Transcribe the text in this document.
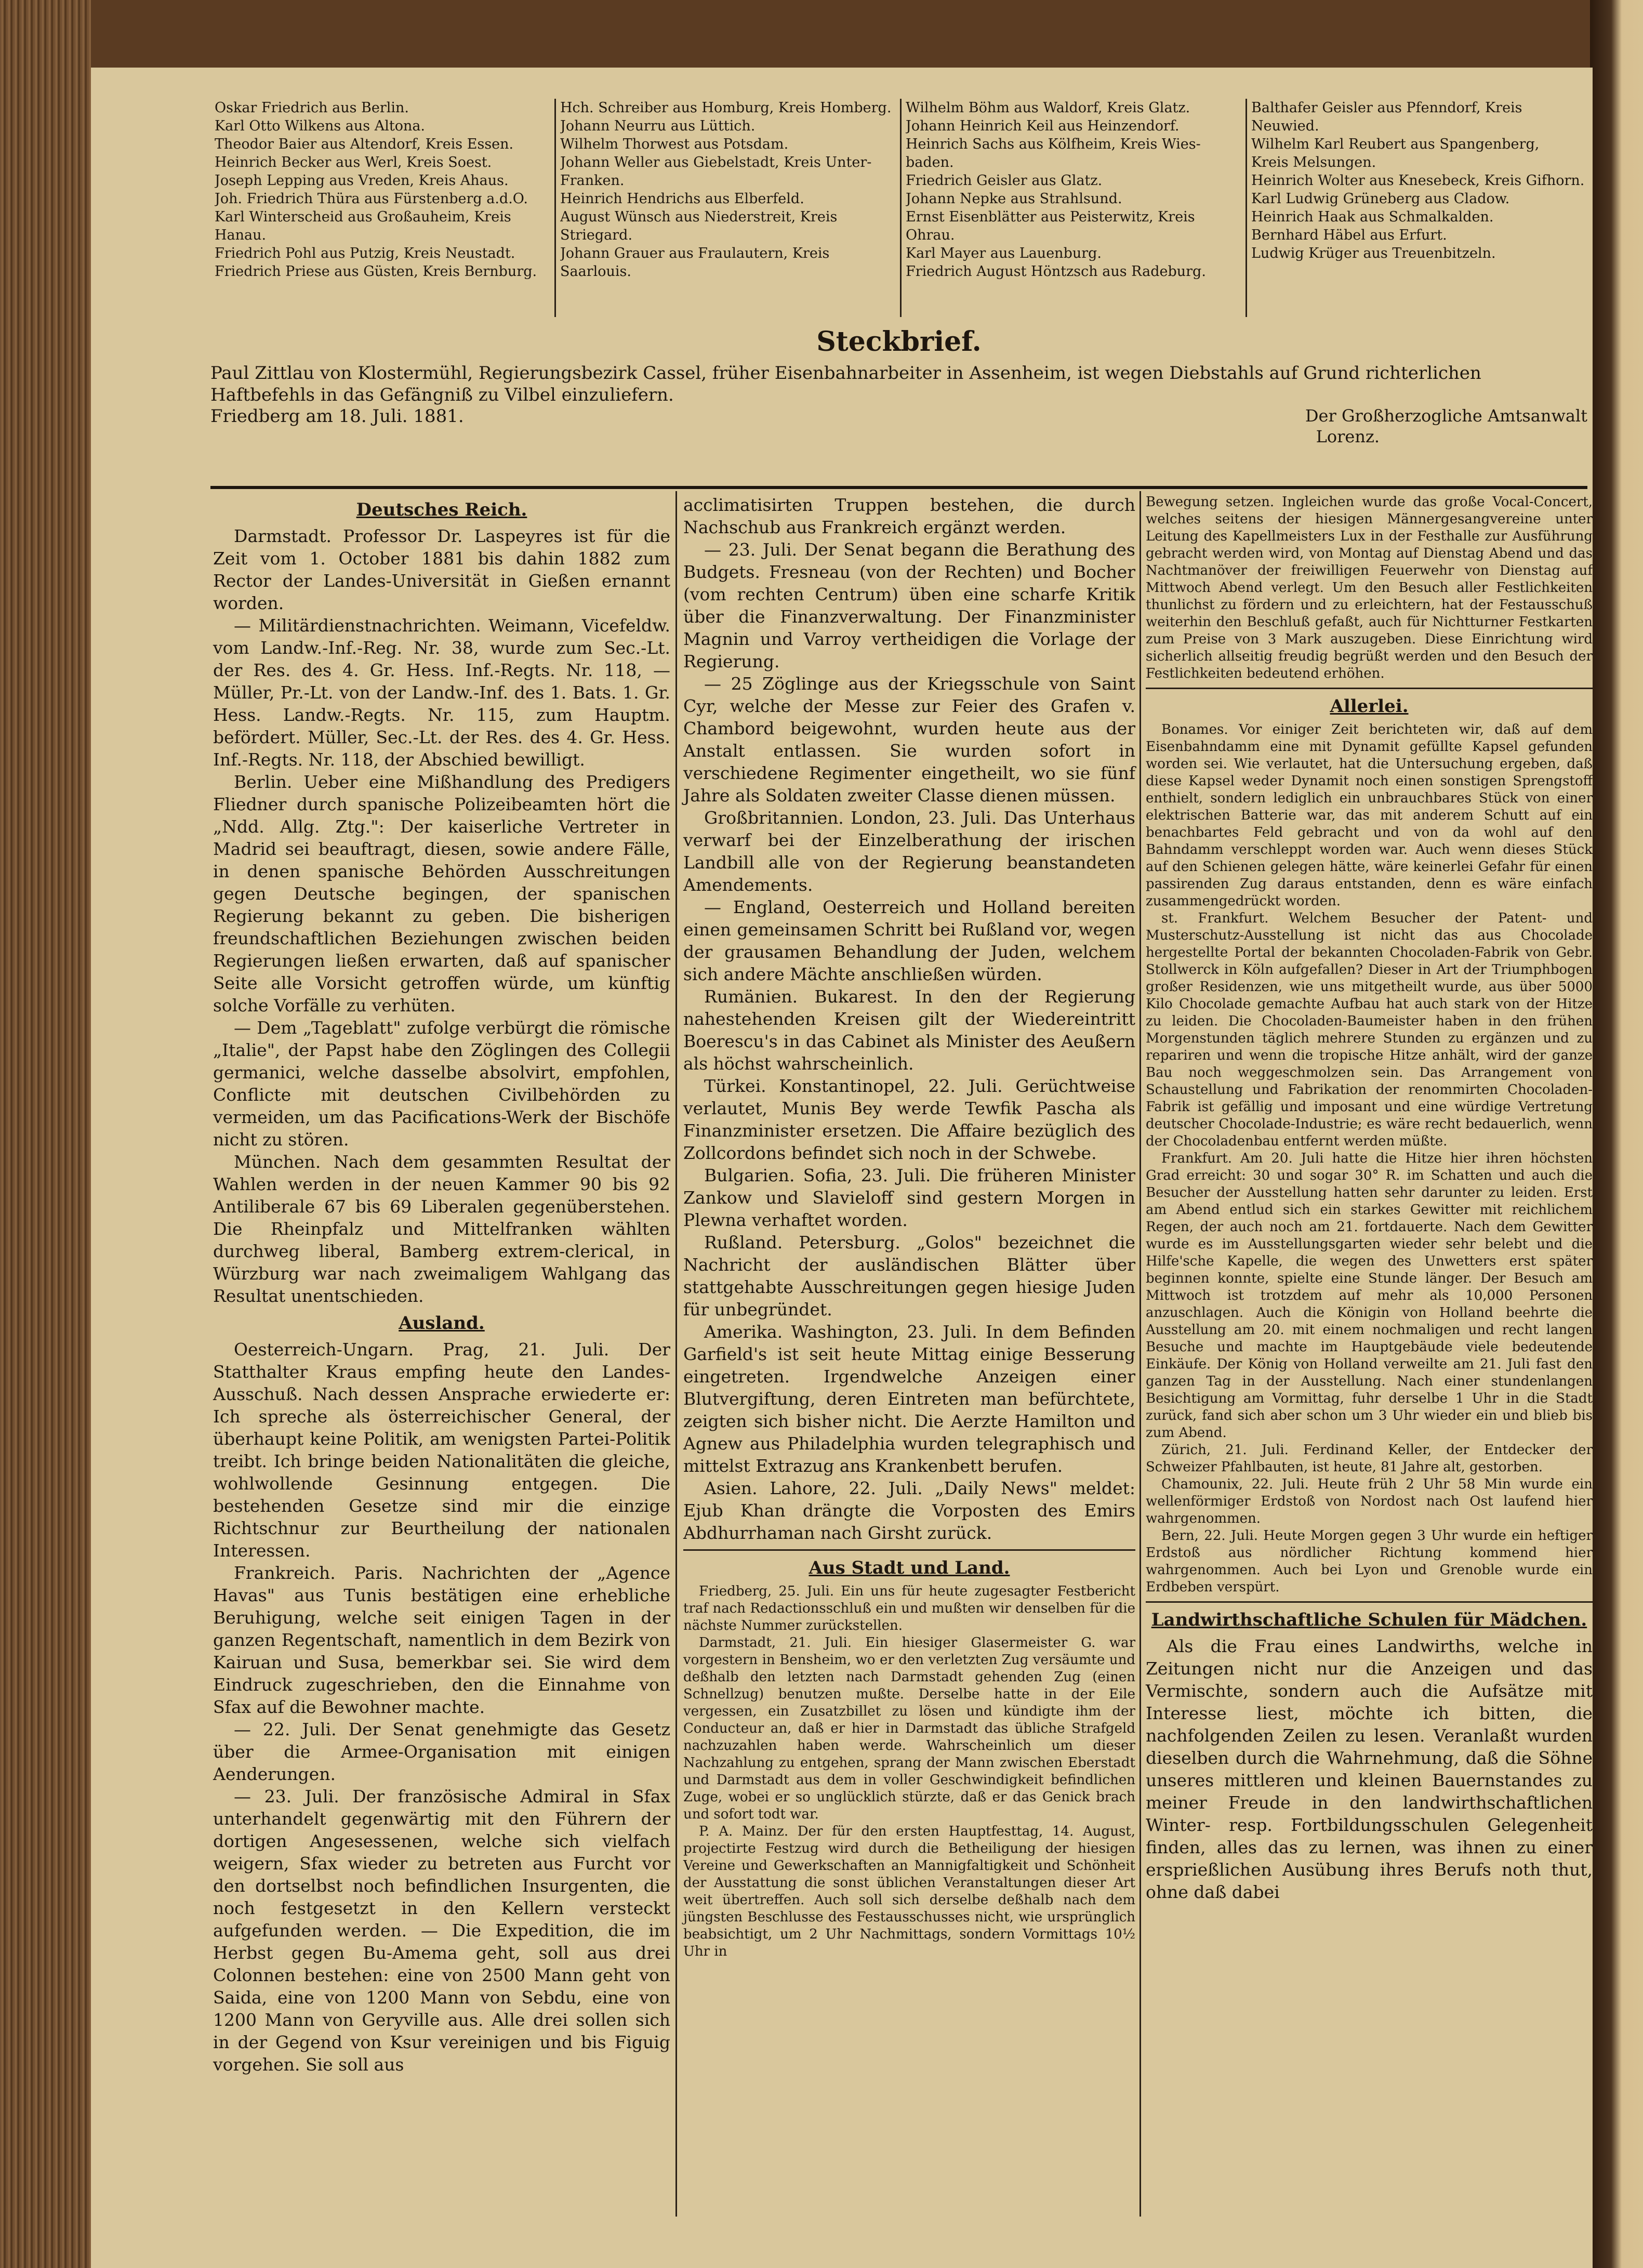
Oskar Friedrich aus Berlin.
Karl Otto Wilkens aus Altona.
Theodor Baier aus Altendorf, Kreis Essen.
Heinrich Becker aus Werl, Kreis Soest.
Joseph Lepping aus Vreden, Kreis Ahaus.
Joh. Friedrich Thüra aus Fürstenberg a.d.O.
Karl Winterscheid aus Großauheim, Kreis
Hanau.
Friedrich Pohl aus Putzig, Kreis Neustadt.
Friedrich Priese aus Güsten, Kreis Bernburg.
Hch. Schreiber aus Homburg, Kreis Homberg.
Johann Neurru aus Lüttich.
Wilhelm Thorwest aus Potsdam.
Johann Weller aus Giebelstadt, Kreis Unter-
Franken.
Heinrich Hendrichs aus Elberfeld.
August Wünsch aus Niederstreit, Kreis
Striegard.
Johann Grauer aus Fraulautern, Kreis
Saarlouis.
Wilhelm Böhm aus Waldorf, Kreis Glatz.
Johann Heinrich Keil aus Heinzendorf.
Heinrich Sachs aus Kölfheim, Kreis Wies-
baden.
Friedrich Geisler aus Glatz.
Johann Nepke aus Strahlsund.
Ernst Eisenblätter aus Peisterwitz, Kreis
Ohrau.
Karl Mayer aus Lauenburg.
Friedrich August Höntzsch aus Radeburg.
Balthafer Geisler aus Pfenndorf, Kreis
Neuwied.
Wilhelm Karl Reubert aus Spangenberg,
Kreis Melsungen.
Heinrich Wolter aus Knesebeck, Kreis Gifhorn.
Karl Ludwig Grüneberg aus Cladow.
Heinrich Haak aus Schmalkalden.
Bernhard Häbel aus Erfurt.
Ludwig Krüger aus Treuenbitzeln.
Steckbrief.

Paul Zittlau von Klostermühl, Regierungsbezirk Cassel, früher Eisenbahnarbeiter in Assenheim, ist wegen Diebstahls auf Grund richterlichen Haftbefehls in das Gefängniß zu Vilbel einzuliefern.

Friedberg am 18. Juli. 1881.	Der Großherzogliche Amtsanwalt
Lorenz.
Deutsches Reich.

Darmstadt. Professor Dr. Laspeyres ist für die Zeit vom 1. October 1881 bis dahin 1882 zum Rector der Landes-Universität in Gießen ernannt worden.

— Militärdienstnachrichten. Weimann, Vicefeldw. vom Landw.-Inf.-Reg. Nr. 38, wurde zum Sec.-Lt. der Res. des 4. Gr. Hess. Inf.-Regts. Nr. 118, — Müller, Pr.-Lt. von der Landw.-Inf. des 1. Bats. 1. Gr. Hess. Landw.-Regts. Nr. 115, zum Hauptm. befördert. Müller, Sec.-Lt. der Res. des 4. Gr. Hess. Inf.-Regts. Nr. 118, der Abschied bewilligt.

Berlin. Ueber eine Mißhandlung des Predigers Fliedner durch spanische Polizeibeamten hört die „Ndd. Allg. Ztg.": Der kaiserliche Vertreter in Madrid sei beauftragt, diesen, sowie andere Fälle, in denen spanische Behörden Ausschreitungen gegen Deutsche begingen, der spanischen Regierung bekannt zu geben. Die bisherigen freundschaftlichen Beziehungen zwischen beiden Regierungen ließen erwarten, daß auf spanischer Seite alle Vorsicht getroffen würde, um künftig solche Vorfälle zu verhüten.

— Dem „Tageblatt" zufolge verbürgt die römische „Italie", der Papst habe den Zöglingen des Collegii germanici, welche dasselbe absolvirt, empfohlen, Conflicte mit deutschen Civilbehörden zu vermeiden, um das Pacifications-Werk der Bischöfe nicht zu stören.

München. Nach dem gesammten Resultat der Wahlen werden in der neuen Kammer 90 bis 92 Antiliberale 67 bis 69 Liberalen gegenüberstehen. Die Rheinpfalz und Mittelfranken wählten durchweg liberal, Bamberg extrem-clerical, in Würzburg war nach zweimaligem Wahlgang das Resultat unentschieden.

Ausland.

Oesterreich-Ungarn. Prag, 21. Juli. Der Statthalter Kraus empfing heute den Landes-Ausschuß. Nach dessen Ansprache erwiederte er: Ich spreche als österreichischer General, der überhaupt keine Politik, am wenigsten Partei-Politik treibt. Ich bringe beiden Nationalitäten die gleiche, wohlwollende Gesinnung entgegen. Die bestehenden Gesetze sind mir die einzige Richtschnur zur Beurtheilung der nationalen Interessen.

Frankreich. Paris. Nachrichten der „Agence Havas" aus Tunis bestätigen eine erhebliche Beruhigung, welche seit einigen Tagen in der ganzen Regentschaft, namentlich in dem Bezirk von Kairuan und Susa, bemerkbar sei. Sie wird dem Eindruck zugeschrieben, den die Einnahme von Sfax auf die Bewohner machte.

— 22. Juli. Der Senat genehmigte das Gesetz über die Armee-Organisation mit einigen Aenderungen.

— 23. Juli. Der französische Admiral in Sfax unterhandelt gegenwärtig mit den Führern der dortigen Angesessenen, welche sich vielfach weigern, Sfax wieder zu betreten aus Furcht vor den dortselbst noch befindlichen Insurgenten, die noch festgesetzt in den Kellern versteckt aufgefunden werden. — Die Expedition, die im Herbst gegen Bu-Amema geht, soll aus drei Colonnen bestehen: eine von 2500 Mann geht von Saida, eine von 1200 Mann von Sebdu, eine von 1200 Mann von Geryville aus. Alle drei sollen sich in der Gegend von Ksur vereinigen und bis Figuig vorgehen. Sie soll aus

acclimatisirten Truppen bestehen, die durch Nachschub aus Frankreich ergänzt werden.

— 23. Juli. Der Senat begann die Berathung des Budgets. Fresneau (von der Rechten) und Bocher (vom rechten Centrum) üben eine scharfe Kritik über die Finanzverwaltung. Der Finanzminister Magnin und Varroy vertheidigen die Vorlage der Regierung.

— 25 Zöglinge aus der Kriegsschule von Saint Cyr, welche der Messe zur Feier des Grafen v. Chambord beigewohnt, wurden heute aus der Anstalt entlassen. Sie wurden sofort in verschiedene Regimenter eingetheilt, wo sie fünf Jahre als Soldaten zweiter Classe dienen müssen.

Großbritannien. London, 23. Juli. Das Unterhaus verwarf bei der Einzelberathung der irischen Landbill alle von der Regierung beanstandeten Amendements.

— England, Oesterreich und Holland bereiten einen gemeinsamen Schritt bei Rußland vor, wegen der grausamen Behandlung der Juden, welchem sich andere Mächte anschließen würden.

Rumänien. Bukarest. In den der Regierung nahestehenden Kreisen gilt der Wiedereintritt Boerescu's in das Cabinet als Minister des Aeußern als höchst wahrscheinlich.

Türkei. Konstantinopel, 22. Juli. Gerüchtweise verlautet, Munis Bey werde Tewfik Pascha als Finanzminister ersetzen. Die Affaire bezüglich des Zollcordons befindet sich noch in der Schwebe.

Bulgarien. Sofia, 23. Juli. Die früheren Minister Zankow und Slavieloff sind gestern Morgen in Plewna verhaftet worden.

Rußland. Petersburg. „Golos" bezeichnet die Nachricht der ausländischen Blätter über stattgehabte Ausschreitungen gegen hiesige Juden für unbegründet.

Amerika. Washington, 23. Juli. In dem Befinden Garfield's ist seit heute Mittag einige Besserung eingetreten. Irgendwelche Anzeigen einer Blutvergiftung, deren Eintreten man befürchtete, zeigten sich bisher nicht. Die Aerzte Hamilton und Agnew aus Philadelphia wurden telegraphisch und mittelst Extrazug ans Krankenbett berufen.

Asien. Lahore, 22. Juli. „Daily News" meldet: Ejub Khan drängte die Vorposten des Emirs Abdhurrhaman nach Girsht zurück.

Aus Stadt und Land.

Friedberg, 25. Juli. Ein uns für heute zugesagter Festbericht traf nach Redactionsschluß ein und mußten wir denselben für die nächste Nummer zurückstellen.

Darmstadt, 21. Juli. Ein hiesiger Glasermeister G. war vorgestern in Bensheim, wo er den verletzten Zug versäumte und deßhalb den letzten nach Darmstadt gehenden Zug (einen Schnellzug) benutzen mußte. Derselbe hatte in der Eile vergessen, ein Zusatzbillet zu lösen und kündigte ihm der Conducteur an, daß er hier in Darmstadt das übliche Strafgeld nachzuzahlen haben werde. Wahrscheinlich um dieser Nachzahlung zu entgehen, sprang der Mann zwischen Eberstadt und Darmstadt aus dem in voller Geschwindigkeit befindlichen Zuge, wobei er so unglücklich stürzte, daß er das Genick brach und sofort todt war.

P. A. Mainz. Der für den ersten Hauptfesttag, 14. August, projectirte Festzug wird durch die Betheiligung der hiesigen Vereine und Gewerkschaften an Mannigfaltigkeit und Schönheit der Ausstattung die sonst üblichen Veranstaltungen dieser Art weit übertreffen. Auch soll sich derselbe deßhalb nach dem jüngsten Beschlusse des Festausschusses nicht, wie ursprünglich beabsichtigt, um 2 Uhr Nachmittags, sondern Vormittags 10½ Uhr in

Bewegung setzen. Ingleichen wurde das große Vocal-Concert, welches seitens der hiesigen Männergesangvereine unter Leitung des Kapellmeisters Lux in der Festhalle zur Ausführung gebracht werden wird, von Montag auf Dienstag Abend und das Nachtmanöver der freiwilligen Feuerwehr von Dienstag auf Mittwoch Abend verlegt. Um den Besuch aller Festlichkeiten thunlichst zu fördern und zu erleichtern, hat der Festausschuß weiterhin den Beschluß gefaßt, auch für Nichtturner Festkarten zum Preise von 3 Mark auszugeben. Diese Einrichtung wird sicherlich allseitig freudig begrüßt werden und den Besuch der Festlichkeiten bedeutend erhöhen.

Allerlei.

Bonames. Vor einiger Zeit berichteten wir, daß auf dem Eisenbahndamm eine mit Dynamit gefüllte Kapsel gefunden worden sei. Wie verlautet, hat die Untersuchung ergeben, daß diese Kapsel weder Dynamit noch einen sonstigen Sprengstoff enthielt, sondern lediglich ein unbrauchbares Stück von einer elektrischen Batterie war, das mit anderem Schutt auf ein benachbartes Feld gebracht und von da wohl auf den Bahndamm verschleppt worden war. Auch wenn dieses Stück auf den Schienen gelegen hätte, wäre keinerlei Gefahr für einen passirenden Zug daraus entstanden, denn es wäre einfach zusammengedrückt worden.

st. Frankfurt. Welchem Besucher der Patent- und Musterschutz-Ausstellung ist nicht das aus Chocolade hergestellte Portal der bekannten Chocoladen-Fabrik von Gebr. Stollwerck in Köln aufgefallen? Dieser in Art der Triumphbogen großer Residenzen, wie uns mitgetheilt wurde, aus über 5000 Kilo Chocolade gemachte Aufbau hat auch stark von der Hitze zu leiden. Die Chocoladen-Baumeister haben in den frühen Morgenstunden täglich mehrere Stunden zu ergänzen und zu repariren und wenn die tropische Hitze anhält, wird der ganze Bau noch weggeschmolzen sein. Das Arrangement von Schaustellung und Fabrikation der renommirten Chocoladen-Fabrik ist gefällig und imposant und eine würdige Vertretung deutscher Chocolade-Industrie; es wäre recht bedauerlich, wenn der Chocoladenbau entfernt werden müßte.

Frankfurt. Am 20. Juli hatte die Hitze hier ihren höchsten Grad erreicht: 30 und sogar 30° R. im Schatten und auch die Besucher der Ausstellung hatten sehr darunter zu leiden. Erst am Abend entlud sich ein starkes Gewitter mit reichlichem Regen, der auch noch am 21. fortdauerte. Nach dem Gewitter wurde es im Ausstellungsgarten wieder sehr belebt und die Hilfe'sche Kapelle, die wegen des Unwetters erst später beginnen konnte, spielte eine Stunde länger. Der Besuch am Mittwoch ist trotzdem auf mehr als 10,000 Personen anzuschlagen. Auch die Königin von Holland beehrte die Ausstellung am 20. mit einem nochmaligen und recht langen Besuche und machte im Hauptgebäude viele bedeutende Einkäufe. Der König von Holland verweilte am 21. Juli fast den ganzen Tag in der Ausstellung. Nach einer stundenlangen Besichtigung am Vormittag, fuhr derselbe 1 Uhr in die Stadt zurück, fand sich aber schon um 3 Uhr wieder ein und blieb bis zum Abend.

Zürich, 21. Juli. Ferdinand Keller, der Entdecker der Schweizer Pfahlbauten, ist heute, 81 Jahre alt, gestorben.

Chamounix, 22. Juli. Heute früh 2 Uhr 58 Min wurde ein wellenförmiger Erdstoß von Nordost nach Ost laufend hier wahrgenommen.

Bern, 22. Juli. Heute Morgen gegen 3 Uhr wurde ein heftiger Erdstoß aus nördlicher Richtung kommend hier wahrgenommen. Auch bei Lyon und Grenoble wurde ein Erdbeben verspürt.

Landwirthschaftliche Schulen für Mädchen.

Als die Frau eines Landwirths, welche in Zeitungen nicht nur die Anzeigen und das Vermischte, sondern auch die Aufsätze mit Interesse liest, möchte ich bitten, die nachfolgenden Zeilen zu lesen. Veranlaßt wurden dieselben durch die Wahrnehmung, daß die Söhne unseres mittleren und kleinen Bauernstandes zu meiner Freude in den landwirthschaftlichen Winter- resp. Fortbildungsschulen Gelegenheit finden, alles das zu lernen, was ihnen zu einer ersprießlichen Ausübung ihres Berufs noth thut, ohne daß dabei
